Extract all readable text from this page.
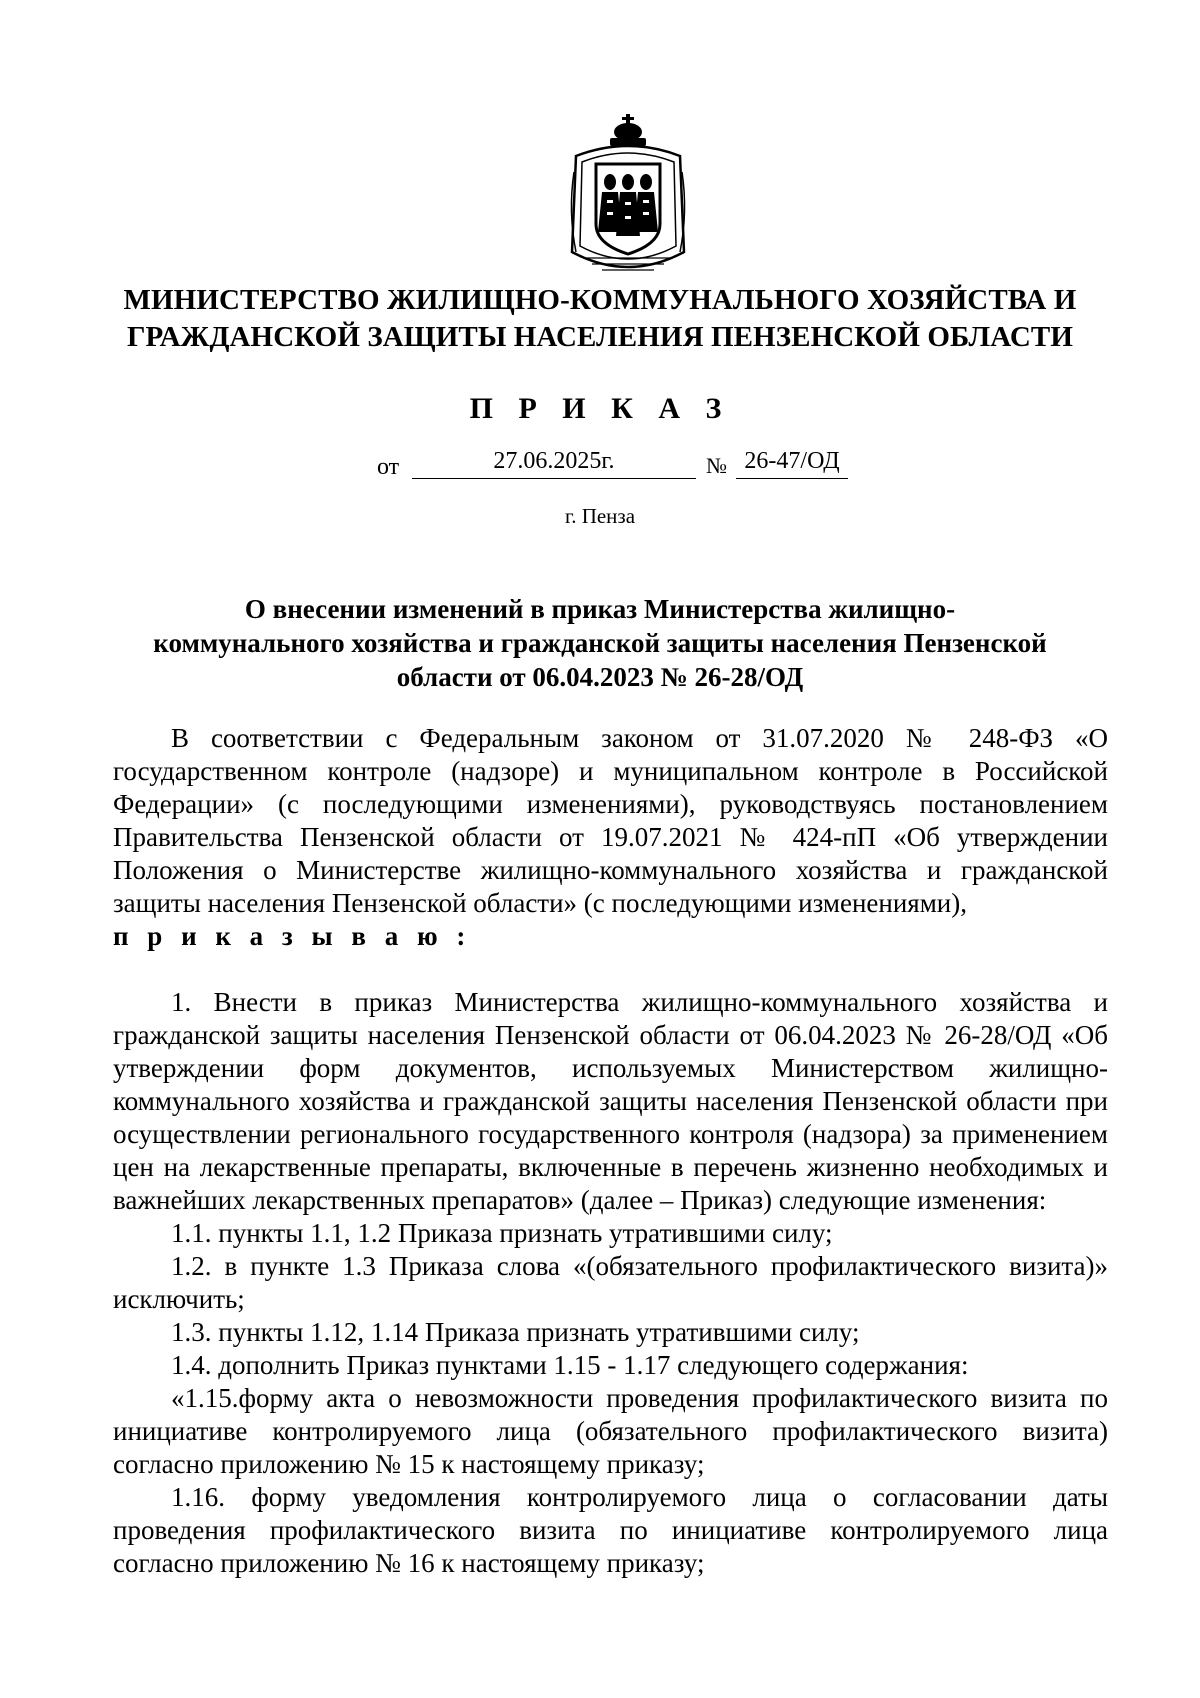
МИНИСТЕРСТВО ЖИЛИЩНО-КОММУНАЛЬНОГО ХОЗЯЙСТВА И
ГРАЖДАНСКОЙ ЗАЩИТЫ НАСЕЛЕНИЯ ПЕНЗЕНСКОЙ ОБЛАСТИ
П Р И К А З
от	27.06.2025г.	№ 26-47/ОД
г. Пенза
О внесении изменений в приказ Министерства жилищно-
коммунального хозяйства и гражданской защиты населения Пензенской
области от 06.04.2023 № 26-28/ОД

В соответствии с Федеральным законом от 31.07.2020 № 248-ФЗ «О государственном контроле (надзоре) и муниципальном контроле в Российской Федерации» (с последующими изменениями), руководствуясь постановлением Правительства Пензенской области от 19.07.2021 № 424-пП «Об утверждении Положения о Министерстве жилищно-коммунального хозяйства и гражданской защиты населения Пензенской области» (с последующими изменениями),

п р и к а з ы в а ю :

1. Внести в приказ Министерства жилищно-коммунального хозяйства и гражданской защиты населения Пензенской области от 06.04.2023 № 26-28/ОД «Об утверждении форм документов, используемых Министерством жилищно-коммунального хозяйства и гражданской защиты населения Пензенской области при осуществлении регионального государственного контроля (надзора) за применением цен на лекарственные препараты, включенные в перечень жизненно необходимых и важнейших лекарственных препаратов» (далее – Приказ) следующие изменения:

1.1. пункты 1.1, 1.2 Приказа признать утратившими силу;

1.2. в пункте 1.3 Приказа слова «(обязательного профилактического визита)» исключить;

1.3. пункты 1.12, 1.14 Приказа признать утратившими силу;

1.4. дополнить Приказ пунктами 1.15 - 1.17 следующего содержания:

«1.15.форму акта о невозможности проведения профилактического визита по инициативе контролируемого лица (обязательного профилактического визита) согласно приложению № 15 к настоящему приказу;

1.16. форму уведомления контролируемого лица о согласовании даты проведения профилактического визита по инициативе контролируемого лица согласно приложению № 16 к настоящему приказу;
